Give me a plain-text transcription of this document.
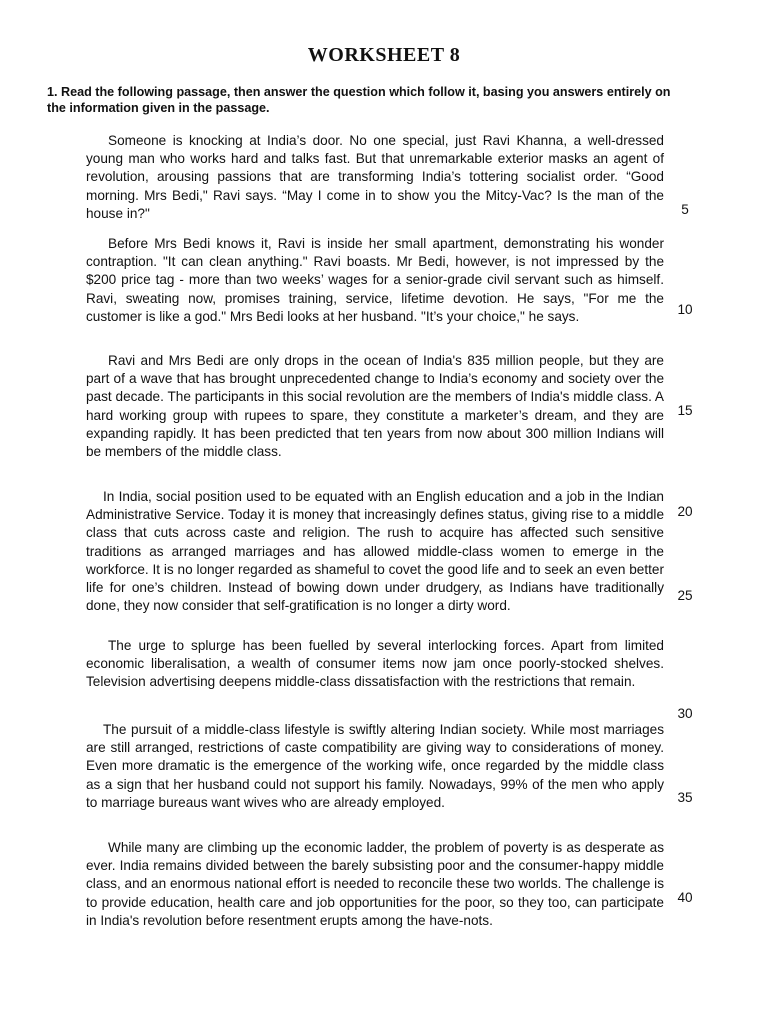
WORKSHEET 8

1. Read the following passage, then answer the question which follow it, basing you answers entirely on the information given in the passage.

Someone is knocking at India’s door. No one special, just Ravi Khanna, a well-dressed young man who works hard and talks fast. But that unremarkable exterior masks an agent of revolution, arousing passions that are transforming India’s tottering socialist order. “Good morning. Mrs Bedi," Ravi says. “May I come in to show you the Mitcy-Vac? Is the man of the house in?"

Before Mrs Bedi knows it, Ravi is inside her small apartment, demonstrating his wonder contraption. "It can clean anything." Ravi boasts. Mr Bedi, however, is not impressed by the $200 price tag - more than two weeks’ wages for a senior-grade civil servant such as himself. Ravi, sweating now, promises training, service, lifetime devotion. He says, "For me the customer is like a god." Mrs Bedi looks at her husband. "It’s your choice," he says.

Ravi and Mrs Bedi are only drops in the ocean of India's 835 million people, but they are part of a wave that has brought unprecedented change to India’s economy and society over the past decade. The participants in this social revolution are the members of India's middle class. A hard working group with rupees to spare, they constitute a marketer’s dream, and they are expanding rapidly. It has been predicted that ten years from now about 300 million Indians will be members of the middle class.

In India, social position used to be equated with an English education and a job in the Indian Administrative Service. Today it is money that increasingly defines status, giving rise to a middle class that cuts across caste and religion. The rush to acquire has affected such sensitive traditions as arranged marriages and has allowed middle-class women to emerge in the workforce. It is no longer regarded as shameful to covet the good life and to seek an even better life for one’s children. Instead of bowing down under drudgery, as Indians have traditionally done, they now consider that self-gratification is no longer a dirty word.

The urge to splurge has been fuelled by several interlocking forces. Apart from limited economic liberalisation, a wealth of consumer items now jam once poorly-stocked shelves. Television advertising deepens middle-class dissatisfaction with the restrictions that remain.

The pursuit of a middle-class lifestyle is swiftly altering Indian society. While most marriages are still arranged, restrictions of caste compatibility are giving way to considerations of money. Even more dramatic is the emergence of the working wife, once regarded by the middle class as a sign that her husband could not support his family. Nowadays, 99% of the men who apply to marriage bureaus want wives who are already employed.

While many are climbing up the economic ladder, the problem of poverty is as desperate as ever. India remains divided between the barely subsisting poor and the consumer-happy middle class, and an enormous national effort is needed to reconcile these two worlds. The challenge is to provide education, health care and job opportunities for the poor, so they too, can participate in India's revolution before resentment erupts among the have-nots.

5
10
15
20
25
30
35
40
